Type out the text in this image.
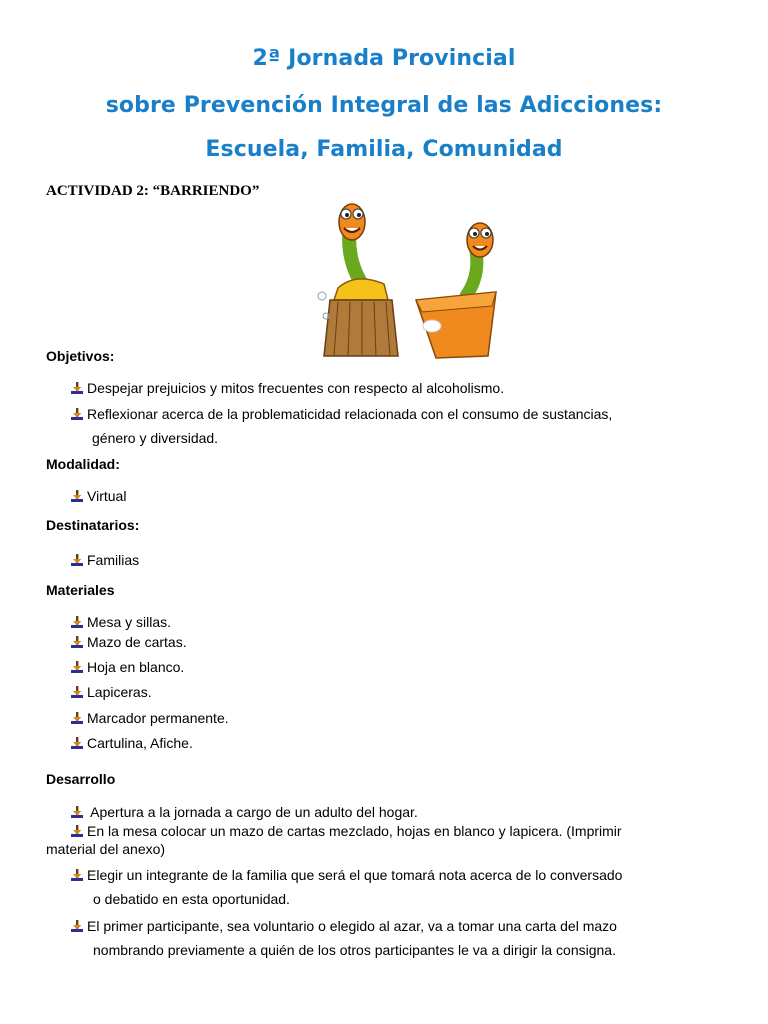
2ª Jornada Provincial
sobre Prevención Integral de las Adicciones:
Escuela, Familia, Comunidad

ACTIVIDAD 2: “BARRIENDO”

Objetivos:

Despejar prejuicios y mitos frecuentes con respecto al alcoholismo.

Reflexionar acerca de la problematicidad relacionada con el consumo de sustancias,

género y diversidad.

Modalidad:

Virtual

Destinatarios:

Familias

Materiales

Mesa y sillas.

Mazo de cartas.

Hoja en blanco.

Lapiceras.

Marcador permanente.

Cartulina, Afiche.

Desarrollo

Apertura a la jornada a cargo de un adulto del hogar.

En la mesa colocar un mazo de cartas mezclado, hojas en blanco y lapicera. (Imprimir

material del anexo)

Elegir un integrante de la familia que será el que tomará nota acerca de lo conversado

o debatido en esta oportunidad.

El primer participante, sea voluntario o elegido al azar, va a tomar una carta del mazo

nombrando previamente a quién de los otros participantes le va a dirigir la consigna.
